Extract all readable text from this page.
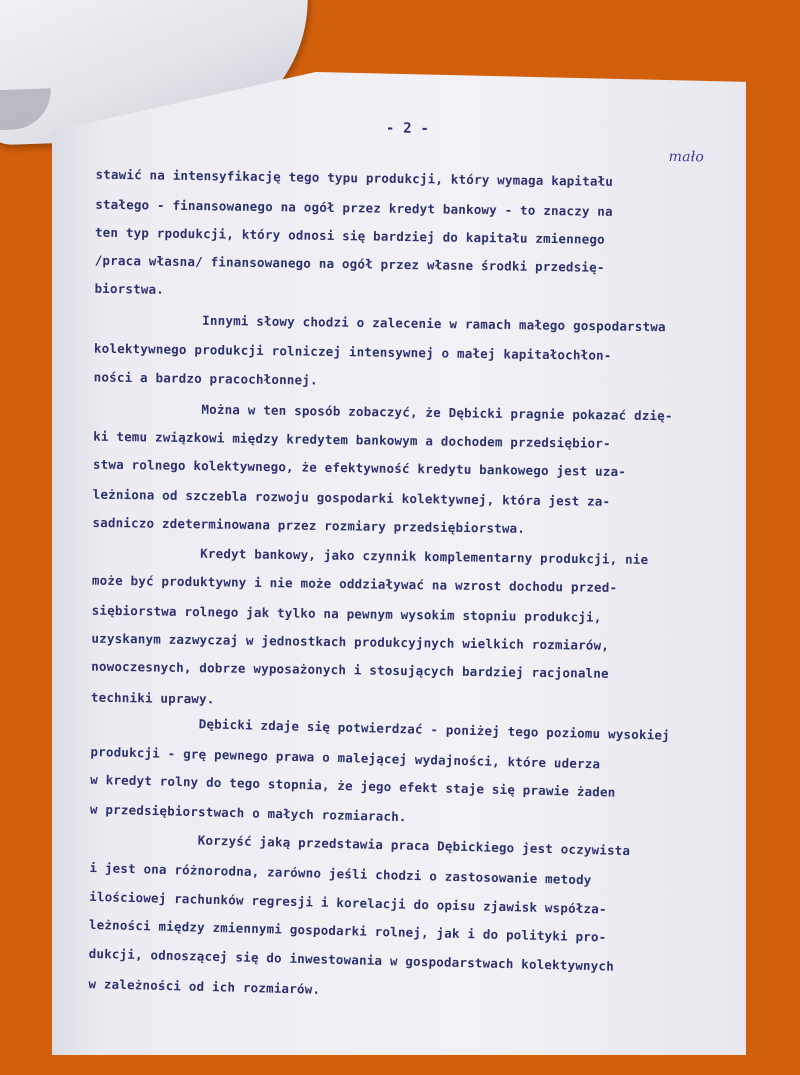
- 2 -
mało
stawić na intensyfikację tego typu produkcji, który wymaga kapitału
stałego - finansowanego na ogół przez kredyt bankowy - to znaczy na
ten typ rpodukcji, który odnosi się bardziej do kapitału zmiennego
/praca własna/ finansowanego na ogół przez własne środki przedsię-
biorstwa.
Innymi słowy chodzi o zalecenie w ramach małego gospodarstwa
kolektywnego produkcji rolniczej intensywnej o małej kapitałochłon-
ności a bardzo pracochłonnej.
Można w ten sposób zobaczyć, że Dębicki pragnie pokazać dzię-
ki temu związkowi między kredytem bankowym a dochodem przedsiębior-
stwa rolnego kolektywnego, że efektywność kredytu bankowego jest uza-
leżniona od szczebla rozwoju gospodarki kolektywnej, która jest za-
sadniczo zdeterminowana przez rozmiary przedsiębiorstwa.
Kredyt bankowy, jako czynnik komplementarny produkcji, nie
może być produktywny i nie może oddziaływać na wzrost dochodu przed-
siębiorstwa rolnego jak tylko na pewnym wysokim stopniu produkcji,
uzyskanym zazwyczaj w jednostkach produkcyjnych wielkich rozmiarów,
nowoczesnych, dobrze wyposażonych i stosujących bardziej racjonalne
techniki uprawy.
Dębicki zdaje się potwierdzać - poniżej tego poziomu wysokiej
produkcji - grę pewnego prawa o malejącej wydajności, które uderza
w kredyt rolny do tego stopnia, że jego efekt staje się prawie żaden
w przedsiębiorstwach o małych rozmiarach.
Korzyść jaką przedstawia praca Dębickiego jest oczywista
i jest ona różnorodna, zarówno jeśli chodzi o zastosowanie metody
ilościowej rachunków regresji i korelacji do opisu zjawisk współza-
leżności między zmiennymi gospodarki rolnej, jak i do polityki pro-
dukcji, odnoszącej się do inwestowania w gospodarstwach kolektywnych
w zależności od ich rozmiarów.
